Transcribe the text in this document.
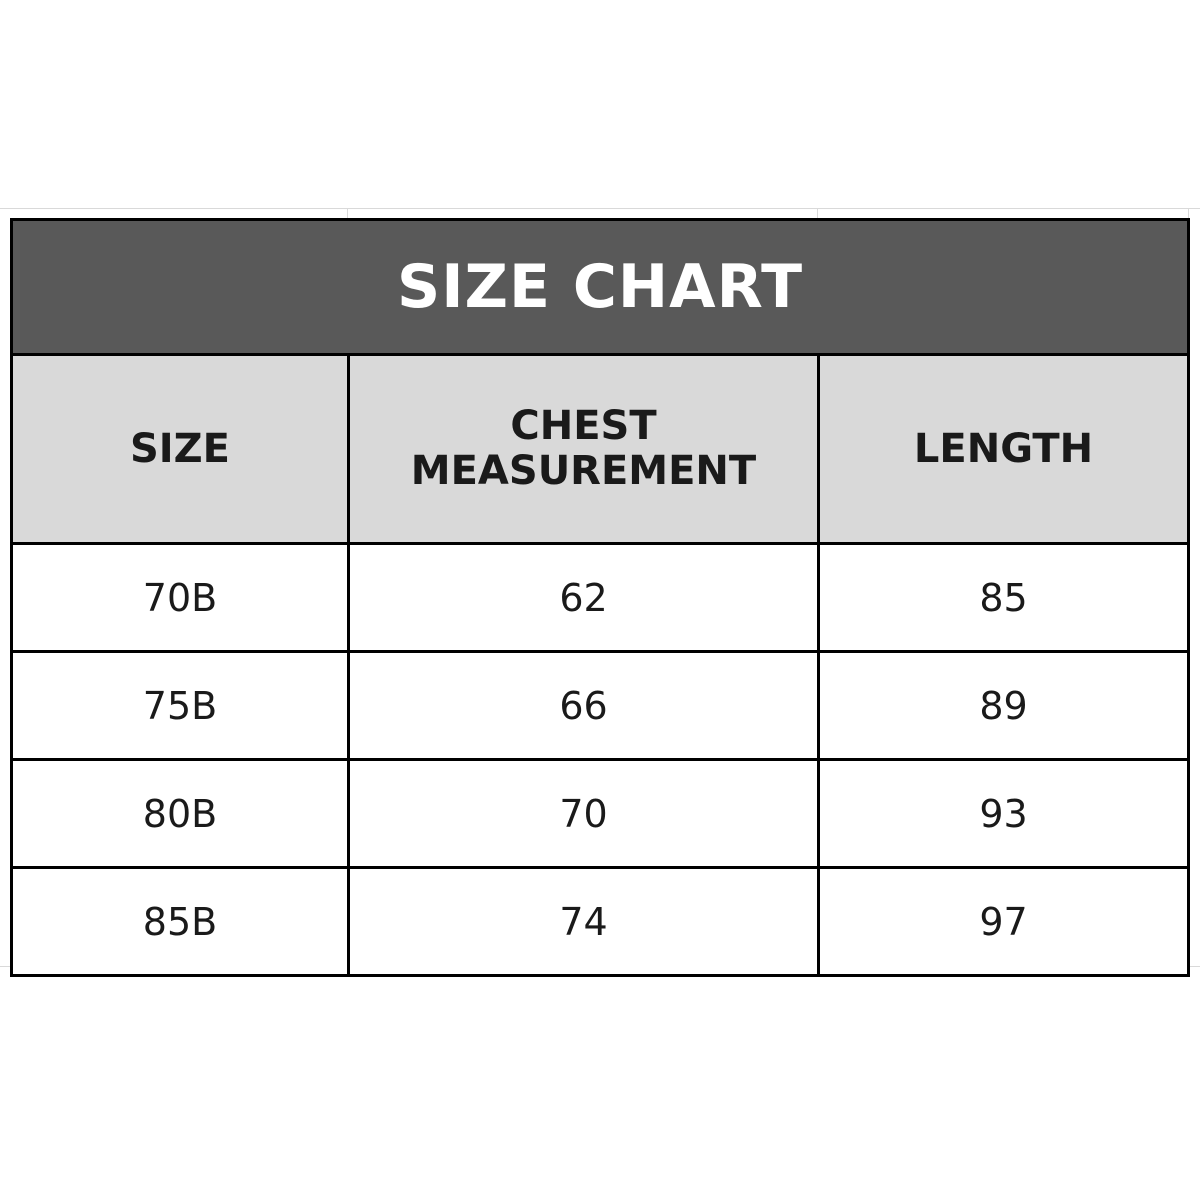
SIZE CHART		
SIZE	CHEST MEASUREMENT	LENGTH
70B	62	85
75B	66	89
80B	70	93
85B	74	97
